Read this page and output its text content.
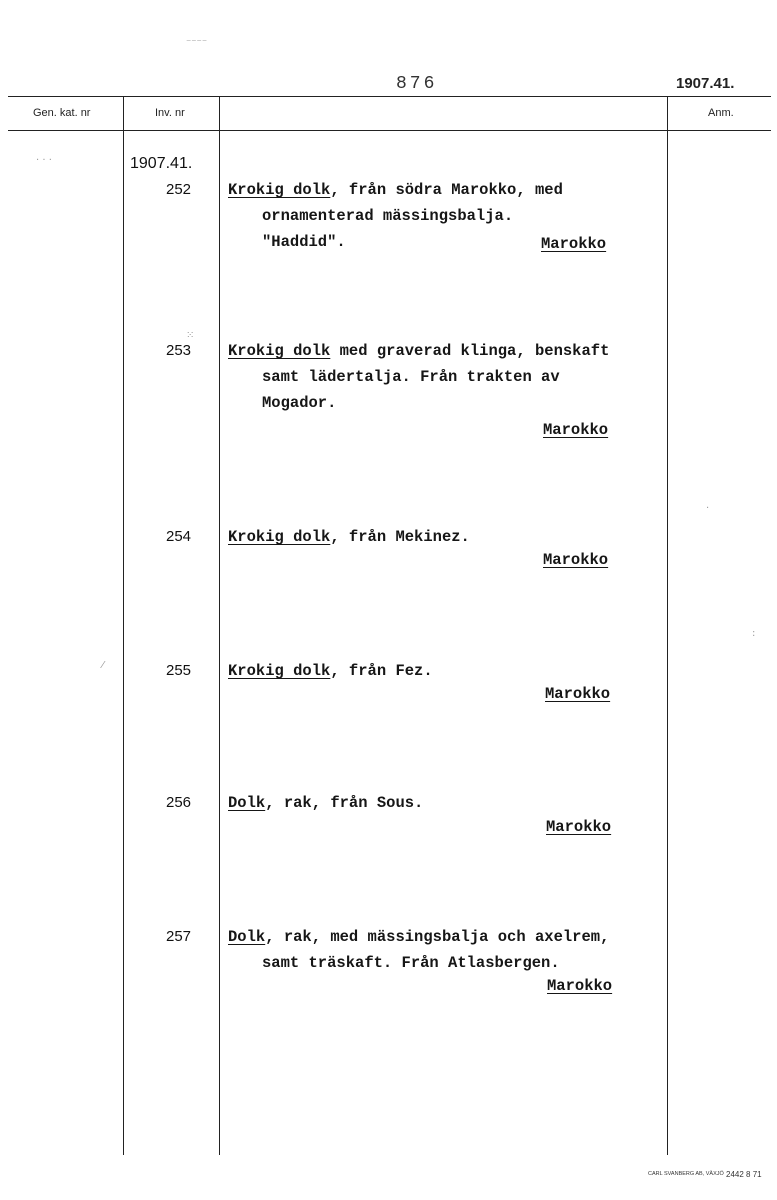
⁻⁻⁻⁻
. . .
⁙
.
⁄
:
876	1907.41.
Gen. kat. nr	Inv. nr	Anm.
1907.41.
252 Krokig dolk, från södra Marokko, med
ornamenterad mässingsbalja.
"Haddid".	Marokko
253 Krokig dolk med graverad klinga, benskaft
samt lädertalja. Från trakten av
Mogador.
Marokko
254 Krokig dolk, från Mekinez.
Marokko
255 Krokig dolk, från Fez.
Marokko
256 Dolk, rak, från Sous.
Marokko
257 Dolk, rak, med mässingsbalja och axelrem,
samt träskaft. Från Atlasbergen.
Marokko
CARL SVANBERG AB, VÄXJÖ 2442 8 71
